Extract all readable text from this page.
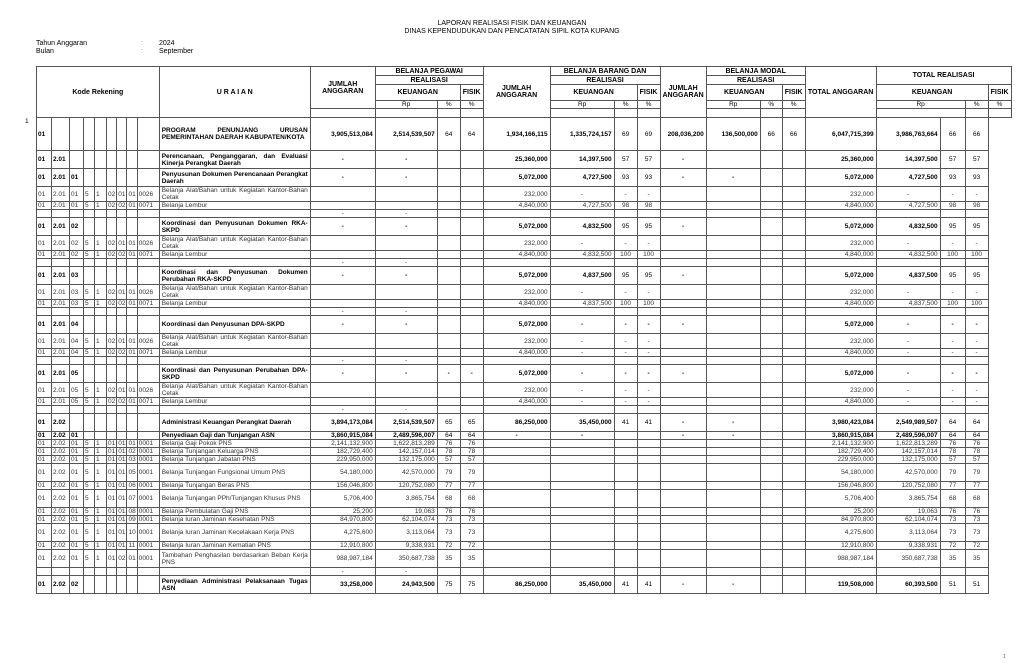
LAPORAN REALISASI FISIK DAN KEUANGAN
DINAS KEPENDUDUKAN DAN PENCATATAN SIPIL KOTA KUPANG
Tahun Anggaran	:	2024
Bulan	:	September
1
Kode Rekening									U R A I A N	JUMLAH ANGGARAN	BELANJA PEGAWAI			JUMLAH ANGGARAN	BELANJA BARANG DAN			JUMLAH ANGGARAN	BELANJA MODAL			TOTAL ANGGARAN	TOTAL REALISASI			
											REALISASI				REALISASI				REALISASI							
											KEUANGAN		FISIK		KEUANGAN		FISIK		KEUANGAN		FISIK		KEUANGAN			FISIK
											Rp	%	%		Rp	%	%		Rp	%	%		Rp		%	%

01									PROGRAM PENUNJANG URUSAN PEMERINTAHAN DAERAH KABUPATEN/KOTA	3,905,513,084	2,514,539,507	64	64	1,934,166,115	1,335,724,157	69	69	208,036,200	136,500,000	66	66	6,047,715,399	3,986,763,664	66	66	
01	2.01								Perencanaan, Penganggaran, dan Evaluasi Kinerja Perangkat Daerah	-	-			25,360,000	14,397,500	57	57	-				25,360,000	14,397,500	57	57	
01	2.01	01							Penyusunan Dokumen Perencanaan Perangkat Daerah	-	-			5,072,000	4,727,500	93	93	-	-			5,072,000	4,727,500	93	93	
01	2.01	01	5	1	02	01	01	0026	Belanja Alat/Bahan untuk Kegiatan Kantor-Bahan Cetak					232,000	-	-	-					232,000	-	-	-	
01	2.01	01	5	1	02	02	01	0071	Belanja Lembur					4,840,000	4,727,500	98	98					4,840,000	4,727,500	98	98	
										-	-															
01	2.01	02							Koordinasi dan Penyusunan Dokumen RKA-SKPD	-	-			5,072,000	4,832,500	95	95	-				5,072,000	4,832,500	95	95	
01	2.01	02	5	1	02	01	01	0026	Belanja Alat/Bahan untuk Kegiatan Kantor-Bahan Cetak					232,000	-	-	-					232,000	-	-	-	
01	2.01	02	5	1	02	02	01	0071	Belanja Lembur					4,840,000	4,832,500	100	100					4,840,000	4,832,500	100	100	
										-	-															
01	2.01	03							Koordinasi dan Penyusunan Dokumen Perubahan RKA-SKPD	-	-			5,072,000	4,837,500	95	95	-				5,072,000	4,837,500	95	95	
01	2.01	03	5	1	02	01	01	0026	Belanja Alat/Bahan untuk Kegiatan Kantor-Bahan Cetak					232,000	-	-	-					232,000	-	-	-	
01	2.01	03	5	1	02	02	01	0071	Belanja Lembur					4,840,000	4,837,500	100	100					4,840,000	4,837,500	100	100	
										-	-															
01	2.01	04							Koordinasi dan Penyusunan DPA-SKPD	-	-			5,072,000	-	-	-	-				5,072,000	-	-	-	
01	2.01	04	5	1	02	01	01	0026	Belanja Alat/Bahan untuk Kegiatan Kantor-Bahan Cetak					232,000	-	-	-					232,000	-	-	-	
01	2.01	04	5	1	02	02	01	0071	Belanja Lembur					4,840,000	-	-	-					4,840,000	-	-	-	
										-	-															
01	2.01	05							Koordinasi dan Penyusunan Perubahan DPA-SKPD	-	-	-	-	5,072,000	-	-	-	-				5,072,000	-	-	-	
01	2.01	05	5	1	02	01	01	0026	Belanja Alat/Bahan untuk Kegiatan Kantor-Bahan Cetak					232,000	-	-	-					232,000	-	-	-	
01	2.01	05	5	1	02	02	01	0071	Belanja Lembur					4,840,000	-	-	-					4,840,000	-	-	-	
										-	-															
01	2.02								Administrasi Keuangan Perangkat Daerah	3,894,173,084	2,514,539,507	65	65	86,250,000	35,450,000	41	41	-	-			3,980,423,084	2,549,989,507	64	64	
01	2.02	01							Penyediaan Gaji dan Tunjangan ASN	3,860,915,084	2,489,596,007	64	64	-	-			-	-			3,860,915,084	2,489,596,007	64	64	
01	2.02	01	5	1	01	01	01	0001	Belanja Gaji Pokok PNS	2,141,132,900	1,622,813,289	76	76									2,141,132,900	1,622,813,289	76	76	
01	2.02	01	5	1	01	01	02	0001	Belanja Tunjangan Keluarga PNS	182,729,400	142,157,014	78	78									182,729,400	142,157,014	78	78	
01	2.02	01	5	1	01	01	03	0001	Belanja Tunjangan Jabatan PNS	229,950,000	132,175,000	57	57									229,950,000	132,175,000	57	57	
01	2.02	01	5	1	01	01	05	0001	Belanja Tunjangan Fungsional Umum PNS	54,180,000	42,570,000	79	79									54,180,000	42,570,000	79	79	
01	2.02	01	5	1	01	01	06	0001	Belanja Tunjangan Beras PNS	156,046,800	120,752,080	77	77									156,046,800	120,752,080	77	77	
01	2.02	01	5	1	01	01	07	0001	Belanja Tunjangan PPh/Tunjangan Khusus PNS	5,706,400	3,865,754	68	68									5,706,400	3,865,754	68	68	
01	2.02	01	5	1	01	01	08	0001	Belanja Pembulatan Gaji PNS	25,200	19,063	76	76									25,200	19,063	76	76	
01	2.02	01	5	1	01	01	09	0001	Belanja Iuran Jaminan Kesehatan PNS	84,970,800	62,104,074	73	73									84,970,800	62,104,074	73	73	
01	2.02	01	5	1	01	01	10	0001	Belanja Iuran Jaminan Kecelakaan Kerja PNS	4,275,600	3,113,064	73	73									4,275,600	3,113,064	73	73	
01	2.02	01	5	1	01	01	11	0001	Belanja Iuran Jaminan Kematian PNS	12,910,800	9,338,931	72	72									12,910,800	9,338,931	72	72	
01	2.02	01	5	1	01	02	01	0001	Tambahan Penghasilan berdasarkan Beban Kerja PNS	988,987,184	350,687,738	35	35									988,987,184	350,687,738	35	35	
										-	-															
01	2.02	02							Penyediaan Administrasi Pelaksanaan Tugas ASN	33,258,000	24,943,500	75	75	86,250,000	35,450,000	41	41	-	-			119,508,000	60,393,500	51	51	
1
